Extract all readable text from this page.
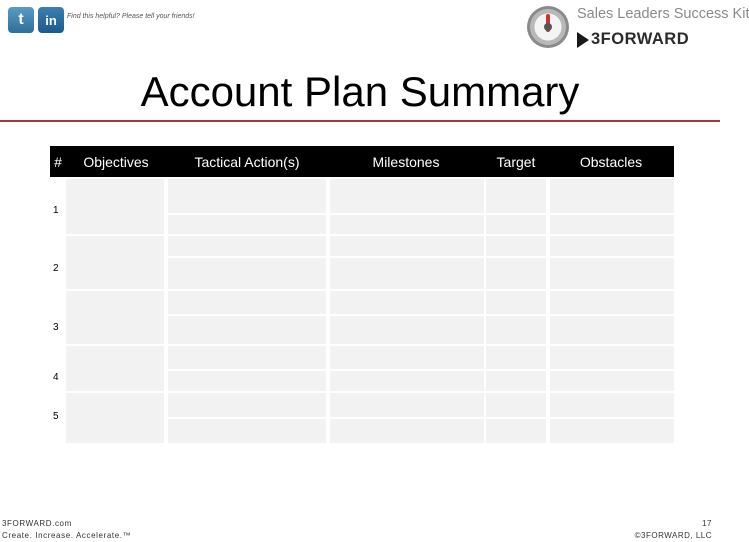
t in Find this helpful? Please tell your friends!	Sales Leaders Success Kit
3FORWARD
Account Plan Summary
#	Objectives	Tactical Action(s)	Milestones	Target	Obstacles
1
2
3
4
5
3FORWARD.com
Create. Increase. Accelerate.™
17
©3FORWARD, LLC
